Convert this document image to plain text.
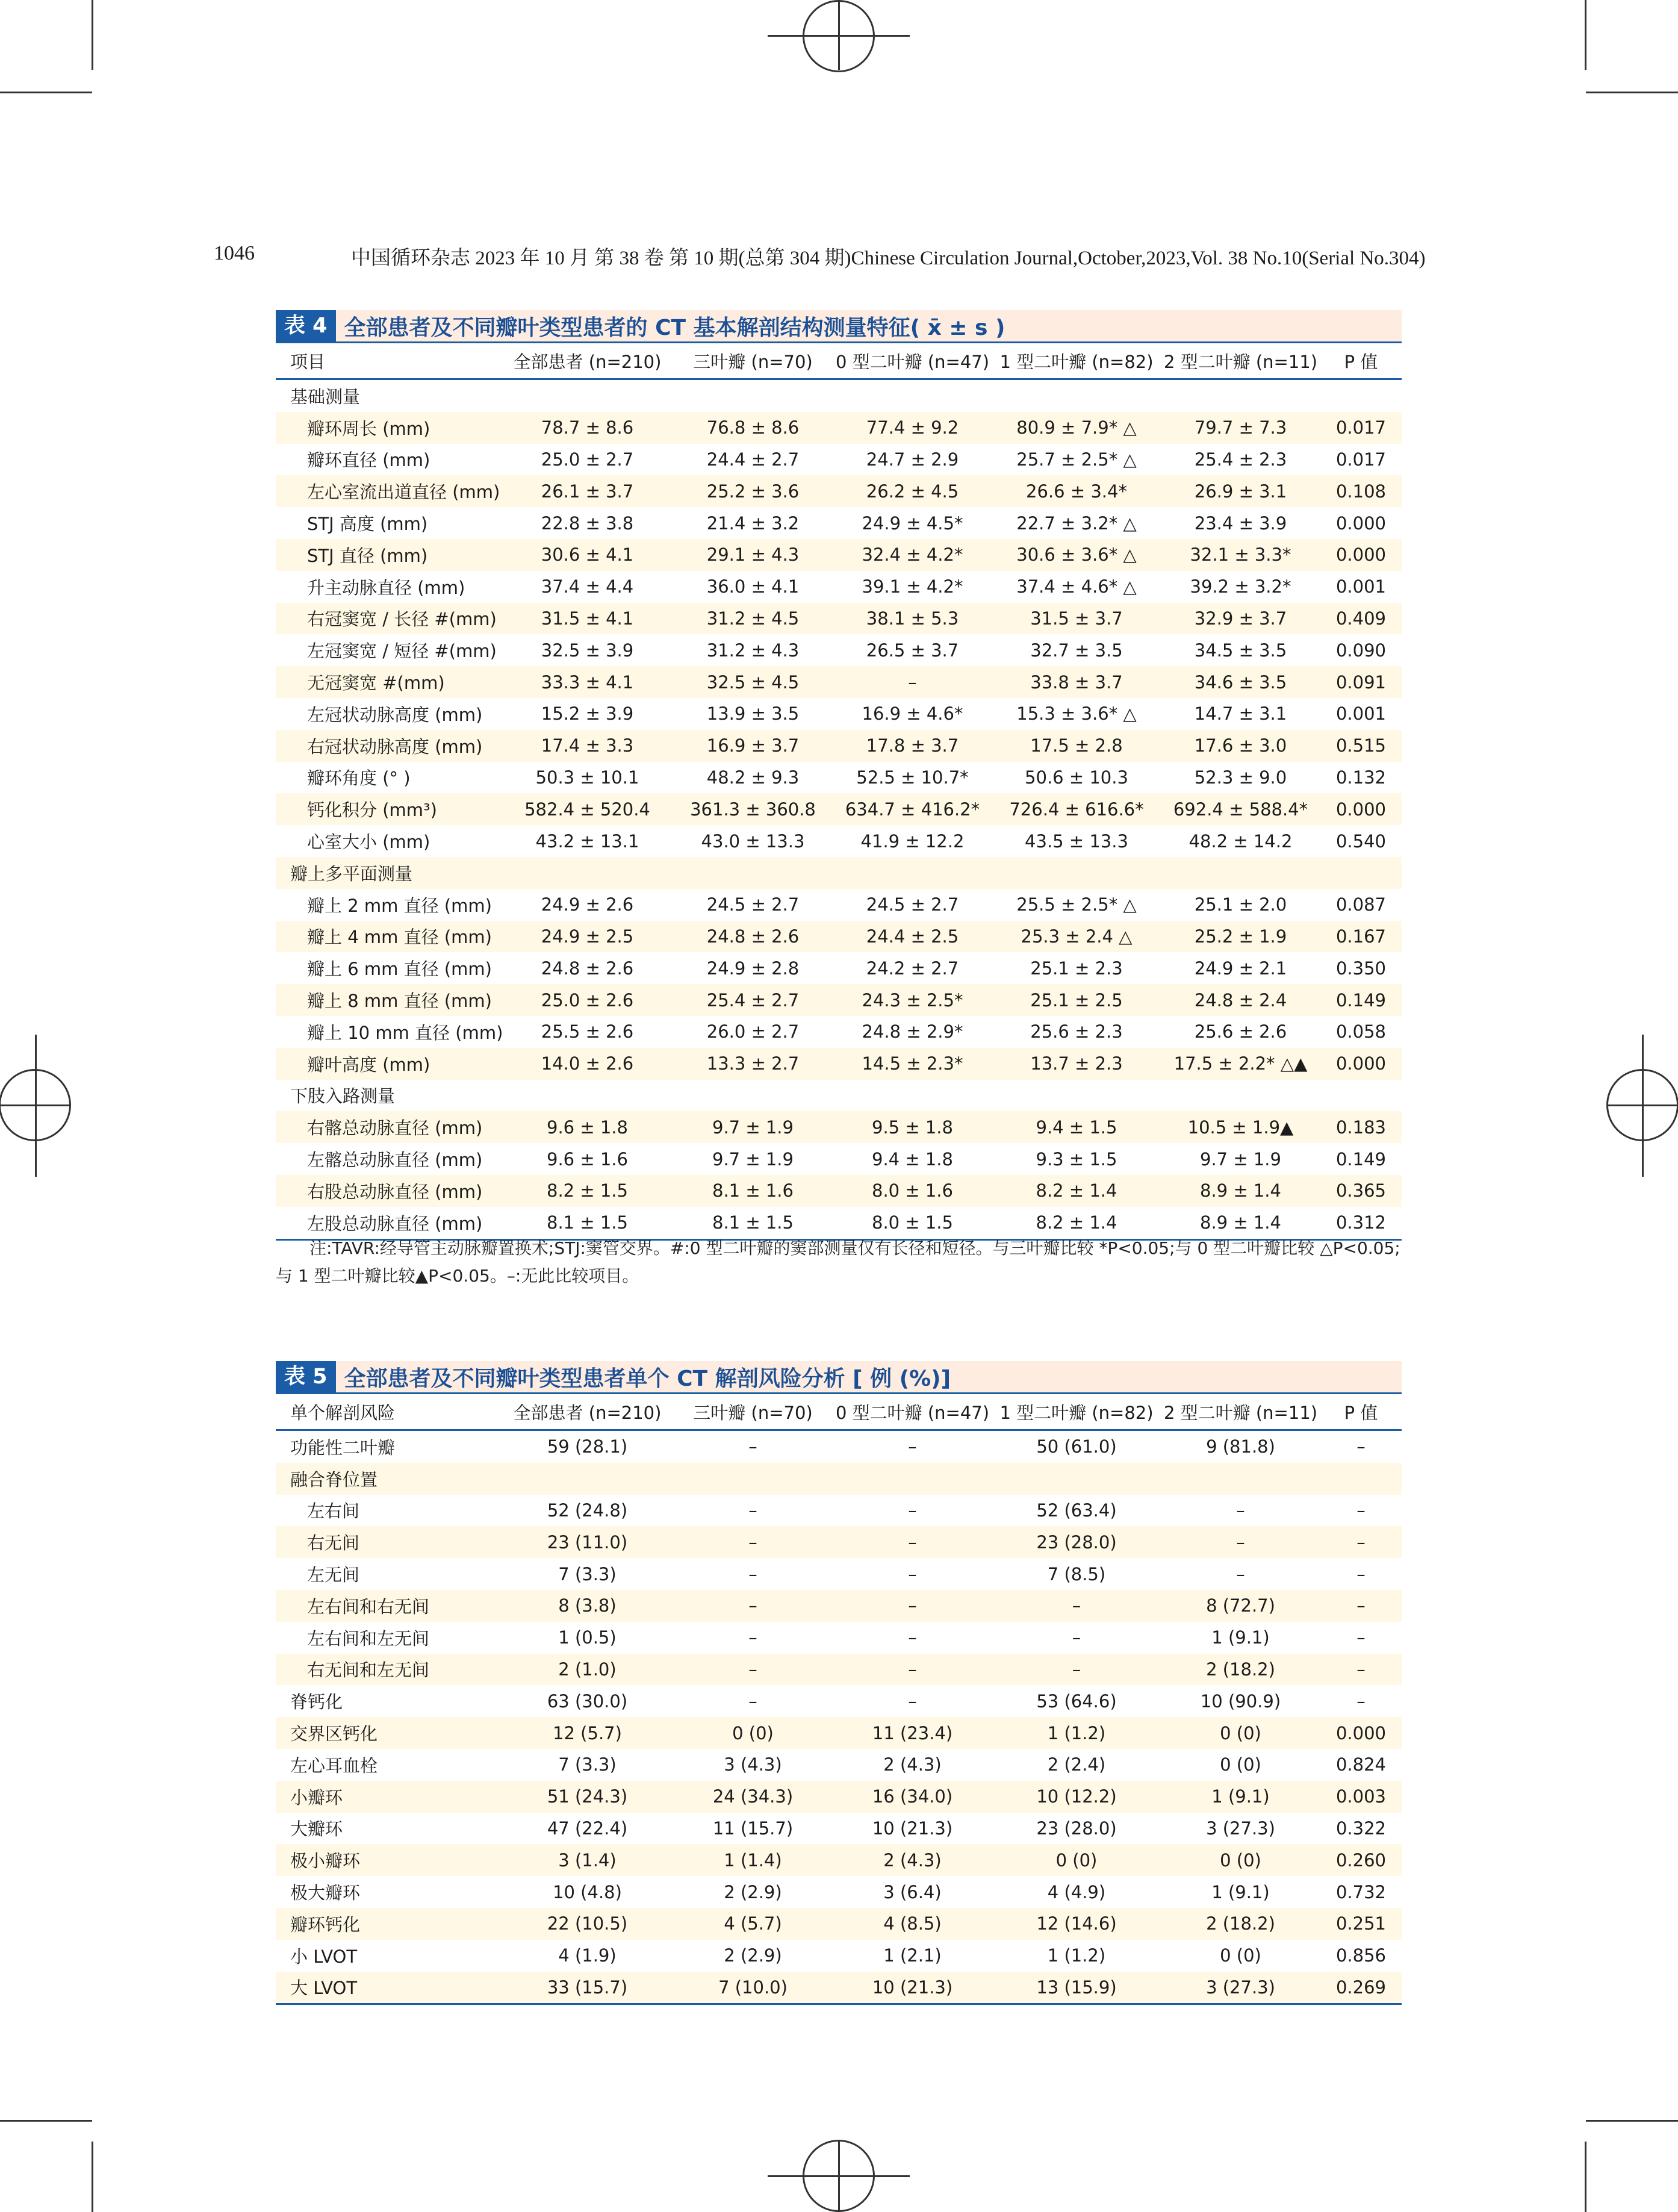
1046	中国循环杂志 2023 年 10 月 第 38 卷 第 10 期(总第 304 期)Chinese Circulation Journal,October,2023,Vol. 38 No.10(Serial No.304)
表 4 全部患者及不同瓣叶类型患者的 CT 基本解剖结构测量特征( x̄ ± s )
项目	全部患者 (n=210)	三叶瓣 (n=70)	0 型二叶瓣 (n=47)	1 型二叶瓣 (n=82)	2 型二叶瓣 (n=11)	P 值
基础测量						
瓣环周长 (mm)	78.7 ± 8.6	76.8 ± 8.6	77.4 ± 9.2	80.9 ± 7.9* △	79.7 ± 7.3	0.017
瓣环直径 (mm)	25.0 ± 2.7	24.4 ± 2.7	24.7 ± 2.9	25.7 ± 2.5* △	25.4 ± 2.3	0.017
左心室流出道直径 (mm)	26.1 ± 3.7	25.2 ± 3.6	26.2 ± 4.5	26.6 ± 3.4*	26.9 ± 3.1	0.108
STJ 高度 (mm)	22.8 ± 3.8	21.4 ± 3.2	24.9 ± 4.5*	22.7 ± 3.2* △	23.4 ± 3.9	0.000
STJ 直径 (mm)	30.6 ± 4.1	29.1 ± 4.3	32.4 ± 4.2*	30.6 ± 3.6* △	32.1 ± 3.3*	0.000
升主动脉直径 (mm)	37.4 ± 4.4	36.0 ± 4.1	39.1 ± 4.2*	37.4 ± 4.6* △	39.2 ± 3.2*	0.001
右冠窦宽 / 长径 #(mm)	31.5 ± 4.1	31.2 ± 4.5	38.1 ± 5.3	31.5 ± 3.7	32.9 ± 3.7	0.409
左冠窦宽 / 短径 #(mm)	32.5 ± 3.9	31.2 ± 4.3	26.5 ± 3.7	32.7 ± 3.5	34.5 ± 3.5	0.090
无冠窦宽 #(mm)	33.3 ± 4.1	32.5 ± 4.5	–	33.8 ± 3.7	34.6 ± 3.5	0.091
左冠状动脉高度 (mm)	15.2 ± 3.9	13.9 ± 3.5	16.9 ± 4.6*	15.3 ± 3.6* △	14.7 ± 3.1	0.001
右冠状动脉高度 (mm)	17.4 ± 3.3	16.9 ± 3.7	17.8 ± 3.7	17.5 ± 2.8	17.6 ± 3.0	0.515
瓣环角度 (° )	50.3 ± 10.1	48.2 ± 9.3	52.5 ± 10.7*	50.6 ± 10.3	52.3 ± 9.0	0.132
钙化积分 (mm³)	582.4 ± 520.4	361.3 ± 360.8	634.7 ± 416.2*	726.4 ± 616.6*	692.4 ± 588.4*	0.000
心室大小 (mm)	43.2 ± 13.1	43.0 ± 13.3	41.9 ± 12.2	43.5 ± 13.3	48.2 ± 14.2	0.540
瓣上多平面测量						
瓣上 2 mm 直径 (mm)	24.9 ± 2.6	24.5 ± 2.7	24.5 ± 2.7	25.5 ± 2.5* △	25.1 ± 2.0	0.087
瓣上 4 mm 直径 (mm)	24.9 ± 2.5	24.8 ± 2.6	24.4 ± 2.5	25.3 ± 2.4 △	25.2 ± 1.9	0.167
瓣上 6 mm 直径 (mm)	24.8 ± 2.6	24.9 ± 2.8	24.2 ± 2.7	25.1 ± 2.3	24.9 ± 2.1	0.350
瓣上 8 mm 直径 (mm)	25.0 ± 2.6	25.4 ± 2.7	24.3 ± 2.5*	25.1 ± 2.5	24.8 ± 2.4	0.149
瓣上 10 mm 直径 (mm)	25.5 ± 2.6	26.0 ± 2.7	24.8 ± 2.9*	25.6 ± 2.3	25.6 ± 2.6	0.058
瓣叶高度 (mm)	14.0 ± 2.6	13.3 ± 2.7	14.5 ± 2.3*	13.7 ± 2.3	17.5 ± 2.2* △▲	0.000
下肢入路测量						
右髂总动脉直径 (mm)	9.6 ± 1.8	9.7 ± 1.9	9.5 ± 1.8	9.4 ± 1.5	10.5 ± 1.9▲	0.183
左髂总动脉直径 (mm)	9.6 ± 1.6	9.7 ± 1.9	9.4 ± 1.8	9.3 ± 1.5	9.7 ± 1.9	0.149
右股总动脉直径 (mm)	8.2 ± 1.5	8.1 ± 1.6	8.0 ± 1.6	8.2 ± 1.4	8.9 ± 1.4	0.365
左股总动脉直径 (mm)	8.1 ± 1.5	8.1 ± 1.5	8.0 ± 1.5	8.2 ± 1.4	8.9 ± 1.4	0.312
注:TAVR:经导管主动脉瓣置换术;STJ:窦管交界。#:0 型二叶瓣的窦部测量仅有长径和短径。与三叶瓣比较 *P<0.05;与 0 型二叶瓣比较 △P<0.05;与 1 型二叶瓣比较▲P<0.05。–:无此比较项目。
表 5 全部患者及不同瓣叶类型患者单个 CT 解剖风险分析 [ 例 (%)]
单个解剖风险	全部患者 (n=210)	三叶瓣 (n=70)	0 型二叶瓣 (n=47)	1 型二叶瓣 (n=82)	2 型二叶瓣 (n=11)	P 值
功能性二叶瓣	59 (28.1)	–	–	50 (61.0)	9 (81.8)	–
融合脊位置						
左右间	52 (24.8)	–	–	52 (63.4)	–	–
右无间	23 (11.0)	–	–	23 (28.0)	–	–
左无间	7 (3.3)	–	–	7 (8.5)	–	–
左右间和右无间	8 (3.8)	–	–	–	8 (72.7)	–
左右间和左无间	1 (0.5)	–	–	–	1 (9.1)	–
右无间和左无间	2 (1.0)	–	–	–	2 (18.2)	–
脊钙化	63 (30.0)	–	–	53 (64.6)	10 (90.9)	–
交界区钙化	12 (5.7)	0 (0)	11 (23.4)	1 (1.2)	0 (0)	0.000
左心耳血栓	7 (3.3)	3 (4.3)	2 (4.3)	2 (2.4)	0 (0)	0.824
小瓣环	51 (24.3)	24 (34.3)	16 (34.0)	10 (12.2)	1 (9.1)	0.003
大瓣环	47 (22.4)	11 (15.7)	10 (21.3)	23 (28.0)	3 (27.3)	0.322
极小瓣环	3 (1.4)	1 (1.4)	2 (4.3)	0 (0)	0 (0)	0.260
极大瓣环	10 (4.8)	2 (2.9)	3 (6.4)	4 (4.9)	1 (9.1)	0.732
瓣环钙化	22 (10.5)	4 (5.7)	4 (8.5)	12 (14.6)	2 (18.2)	0.251
小 LVOT	4 (1.9)	2 (2.9)	1 (2.1)	1 (1.2)	0 (0)	0.856
大 LVOT	33 (15.7)	7 (10.0)	10 (21.3)	13 (15.9)	3 (27.3)	0.269
